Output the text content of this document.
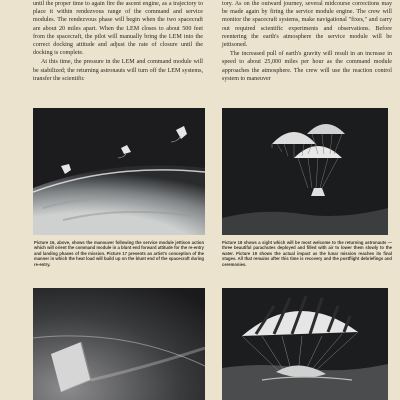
until the proper time to again fire the ascent engine, as a trajectory to place it within rendezvous range of the command and service modules. The rendezvous phase will begin when the two spacecraft are about 20 miles apart. When the LEM closes to about 500 feet from the spacecraft, the pilot will manually bring the LEM into the correct docking attitude and adjust the rate of closure until the docking is complete.

At this time, the pressure in the LEM and command module will be stabilized; the returning astronauts will turn off the LEM systems, transfer the scientific

tory. As on the outward journey, several midcourse corrections may be made again by firing the service module engine. The crew will monitor the spacecraft systems, make navigational "fixes," and carry out required scientific experiments and observations. Before reentering the earth's atmosphere the service module will be jettisoned.

The increased pull of earth's gravity will result in an increase in speed to about 25,000 miles per hour as the command module approaches the atmosphere. The crew will use the reaction control system to maneuver

Picture 16, above, shows the manouver following the service module jettison action which will orient the command module in a blunt end forward attitude for the re-entry and landing phases of the mission. Picture 17 presents an artist's conception of the manner in which the heat load will build up on the blunt end of the spacecraft during re-entry.
Picture 18 shows a sight which will be most welcome to the returning astronauts — three beautiful parachutes deployed and filled with air to lower them slowly to the water. Picture 19 shows the actual impact as the lunar mission reaches its final stages. All that remains after this time is recovery and the postflight debriefings and ceremonies.
